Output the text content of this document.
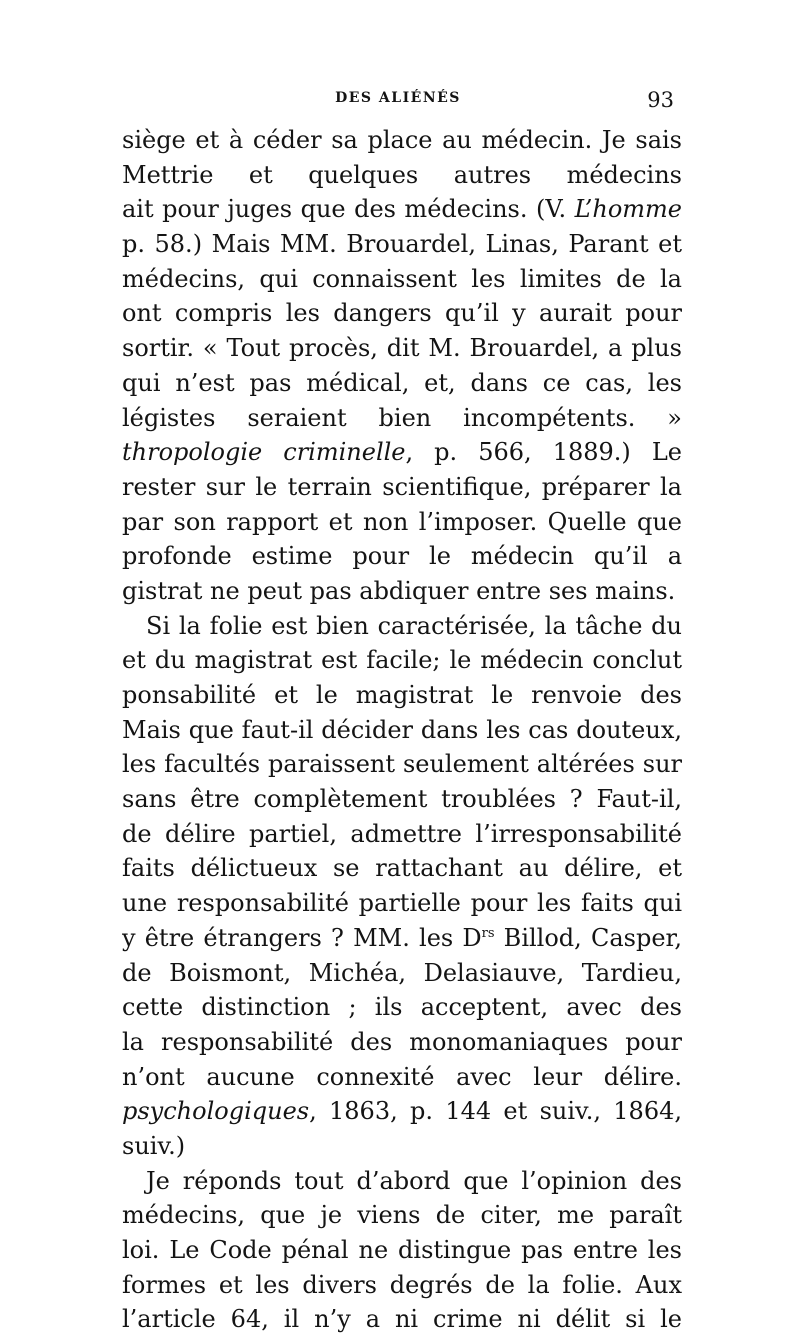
DES ALIÉNÉS	93
siège et à céder sa place au médecin. Je sais
Mettrie et quelques autres médecins
ait pour juges que des médecins. (V. L’homme
p. 58.) Mais MM. Brouardel, Linas, Parant et
médecins, qui connaissent les limites de la
ont compris les dangers qu’il y aurait pour
sortir. « Tout procès, dit M. Brouardel, a plus
qui n’est pas médical, et, dans ce cas, les
légistes seraient bien incompétents. »
thropologie criminelle, p. 566, 1889.) Le
rester sur le terrain scientifique, préparer la
par son rapport et non l’imposer. Quelle que
profonde estime pour le médecin qu’il a
gistrat ne peut pas abdiquer entre ses mains.
Si la folie est bien caractérisée, la tâche du
et du magistrat est facile; le médecin conclut
ponsabilité et le magistrat le renvoie des
Mais que faut-il décider dans les cas douteux,
les facultés paraissent seulement altérées sur
sans être complètement troublées ? Faut-il,
de délire partiel, admettre l’irresponsabilité
faits délictueux se rattachant au délire, et
une responsabilité partielle pour les faits qui
y être étrangers ? MM. les $D^{rs}$ Billod, Casper,
de Boismont, Michéa, Delasiauve, Tardieu,
cette distinction ; ils acceptent, avec des
la responsabilité des monomaniaques pour
n’ont aucune connexité avec leur délire.
psychologiques, 1863, p. 144 et suiv., 1864,
suiv.)
Je réponds tout d’abord que l’opinion des
médecins, que je viens de citer, me paraît
loi. Le Code pénal ne distingue pas entre les
formes et les divers degrés de la folie. Aux
l’article 64, il n’y a ni crime ni délit si le
